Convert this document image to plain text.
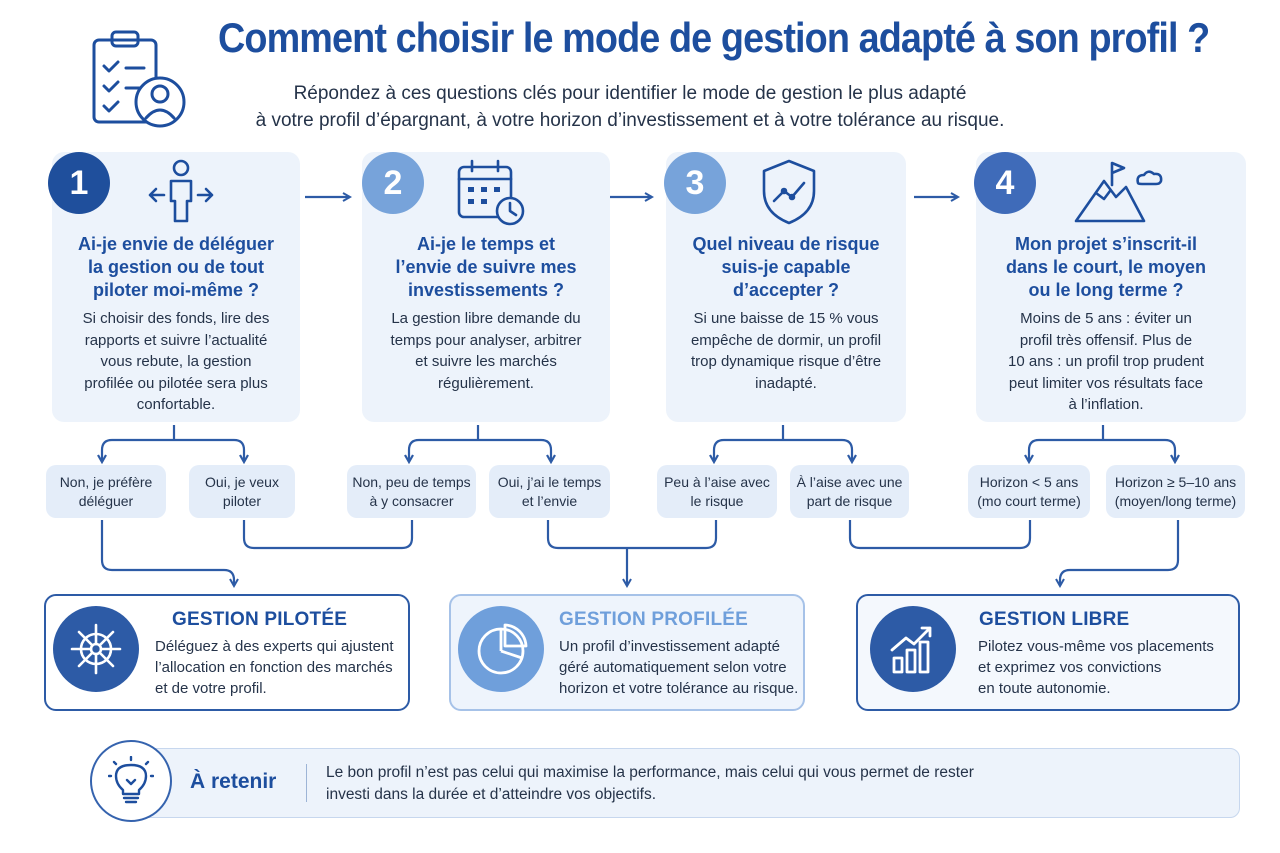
Comment choisir le mode de gestion adapté à son profil ?
Répondez à ces questions clés pour identifier le mode de gestion le plus adapté
à votre profil d’épargnant, à votre horizon d’investissement et à votre tolérance au risque.
1	2	3	4
Ai-je envie de déléguer
la gestion ou de tout
piloter moi-même ?
Si choisir des fonds, lire des
rapports et suivre l’actualité
vous rebute, la gestion
profilée ou pilotée sera plus
confortable.
Ai-je le temps et
l’envie de suivre mes
investissements ?
La gestion libre demande du
temps pour analyser, arbitrer
et suivre les marchés
régulièrement.
Quel niveau de risque
suis-je capable
d’accepter ?
Si une baisse de 15 % vous
empêche de dormir, un profil
trop dynamique risque d’être
inadapté.
Mon projet s’inscrit-il
dans le court, le moyen
ou le long terme ?
Moins de 5 ans : éviter un
profil très offensif. Plus de
10 ans : un profil trop prudent
peut limiter vos résultats face
à l’inflation.
Non, je préfère
déléguer
Oui, je veux
piloter
Non, peu de temps
à y consacrer
Oui, j’ai le temps
et l’envie
Peu à l’aise avec
le risque
À l’aise avec une
part de risque
Horizon < 5 ans
(mo court terme)
Horizon ≥ 5–10 ans
(moyen/long terme)
GESTION PILOTÉE
Déléguez à des experts qui ajustent
l’allocation en fonction des marchés
et de votre profil.
GESTION PROFILÉE
Un profil d’investissement adapté
géré automatiquement selon votre
horizon et votre tolérance au risque.
GESTION LIBRE
Pilotez vous-même vos placements
et exprimez vos convictions
en toute autonomie.
À retenir	Le bon profil n’est pas celui qui maximise la performance, mais celui qui vous permet de rester
investi dans la durée et d’atteindre vos objectifs.
